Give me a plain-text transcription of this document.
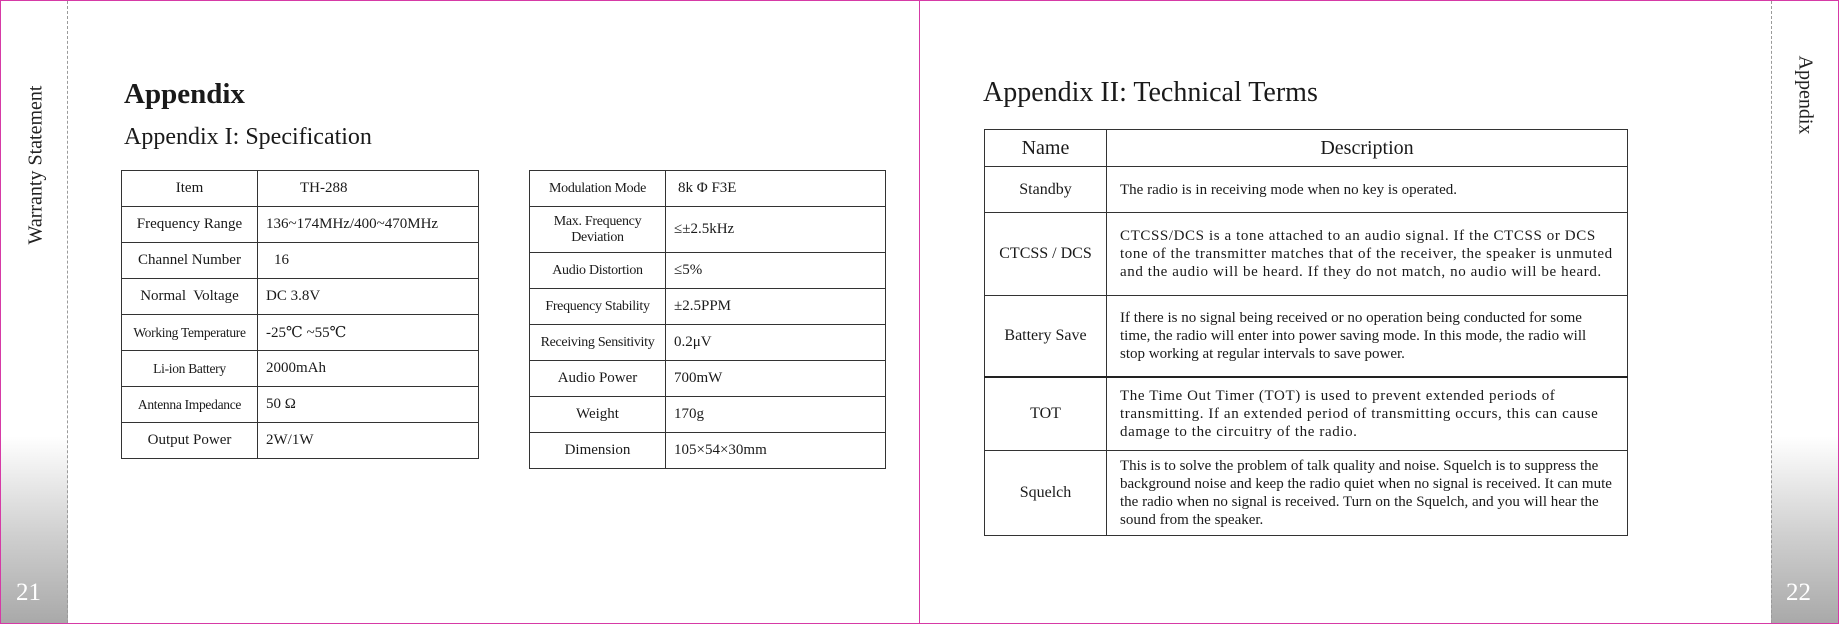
Warranty Statement
21
Appendix
Appendix I: Specification
Item	TH-288
Frequency Range	136~174MHz/400~470MHz
Channel Number	16
Normal  Voltage	DC 3.8V
Working Temperature	-25℃ ~55℃
Li-ion Battery	2000mAh
Antenna Impedance	50 Ω
Output Power	2W/1W
Modulation Mode	8k Φ F3E
Max. Frequency Deviation	≤±2.5kHz
Audio Distortion	≤5%
Frequency Stability	±2.5PPM
Receiving Sensitivity	0.2μV
Audio Power	700mW
Weight	170g
Dimension	105×54×30mm
Appendix
22
Appendix II: Technical Terms
Name	Description
Standby	The radio is in receiving mode when no key is operated.
CTCSS / DCS	CTCSS/DCS is a tone attached to an audio signal. If the CTCSS or DCS tone of the transmitter matches that of the receiver, the speaker is unmuted and the audio will be heard. If they do not match, no audio will be heard.
Battery Save	If there is no signal being received or no operation being conducted for some time, the radio will enter into power saving mode. In this mode, the radio will stop working at regular intervals to save power.
TOT	The Time Out Timer (TOT) is used to prevent extended periods of transmitting. If an extended period of transmitting occurs, this can cause damage to the circuitry of the radio.
Squelch	This is to solve the problem of talk quality and noise. Squelch is to suppress the background noise and keep the radio quiet when no signal is received. It can mute the radio when no signal is received. Turn on the Squelch, and you will hear the sound from the speaker.
